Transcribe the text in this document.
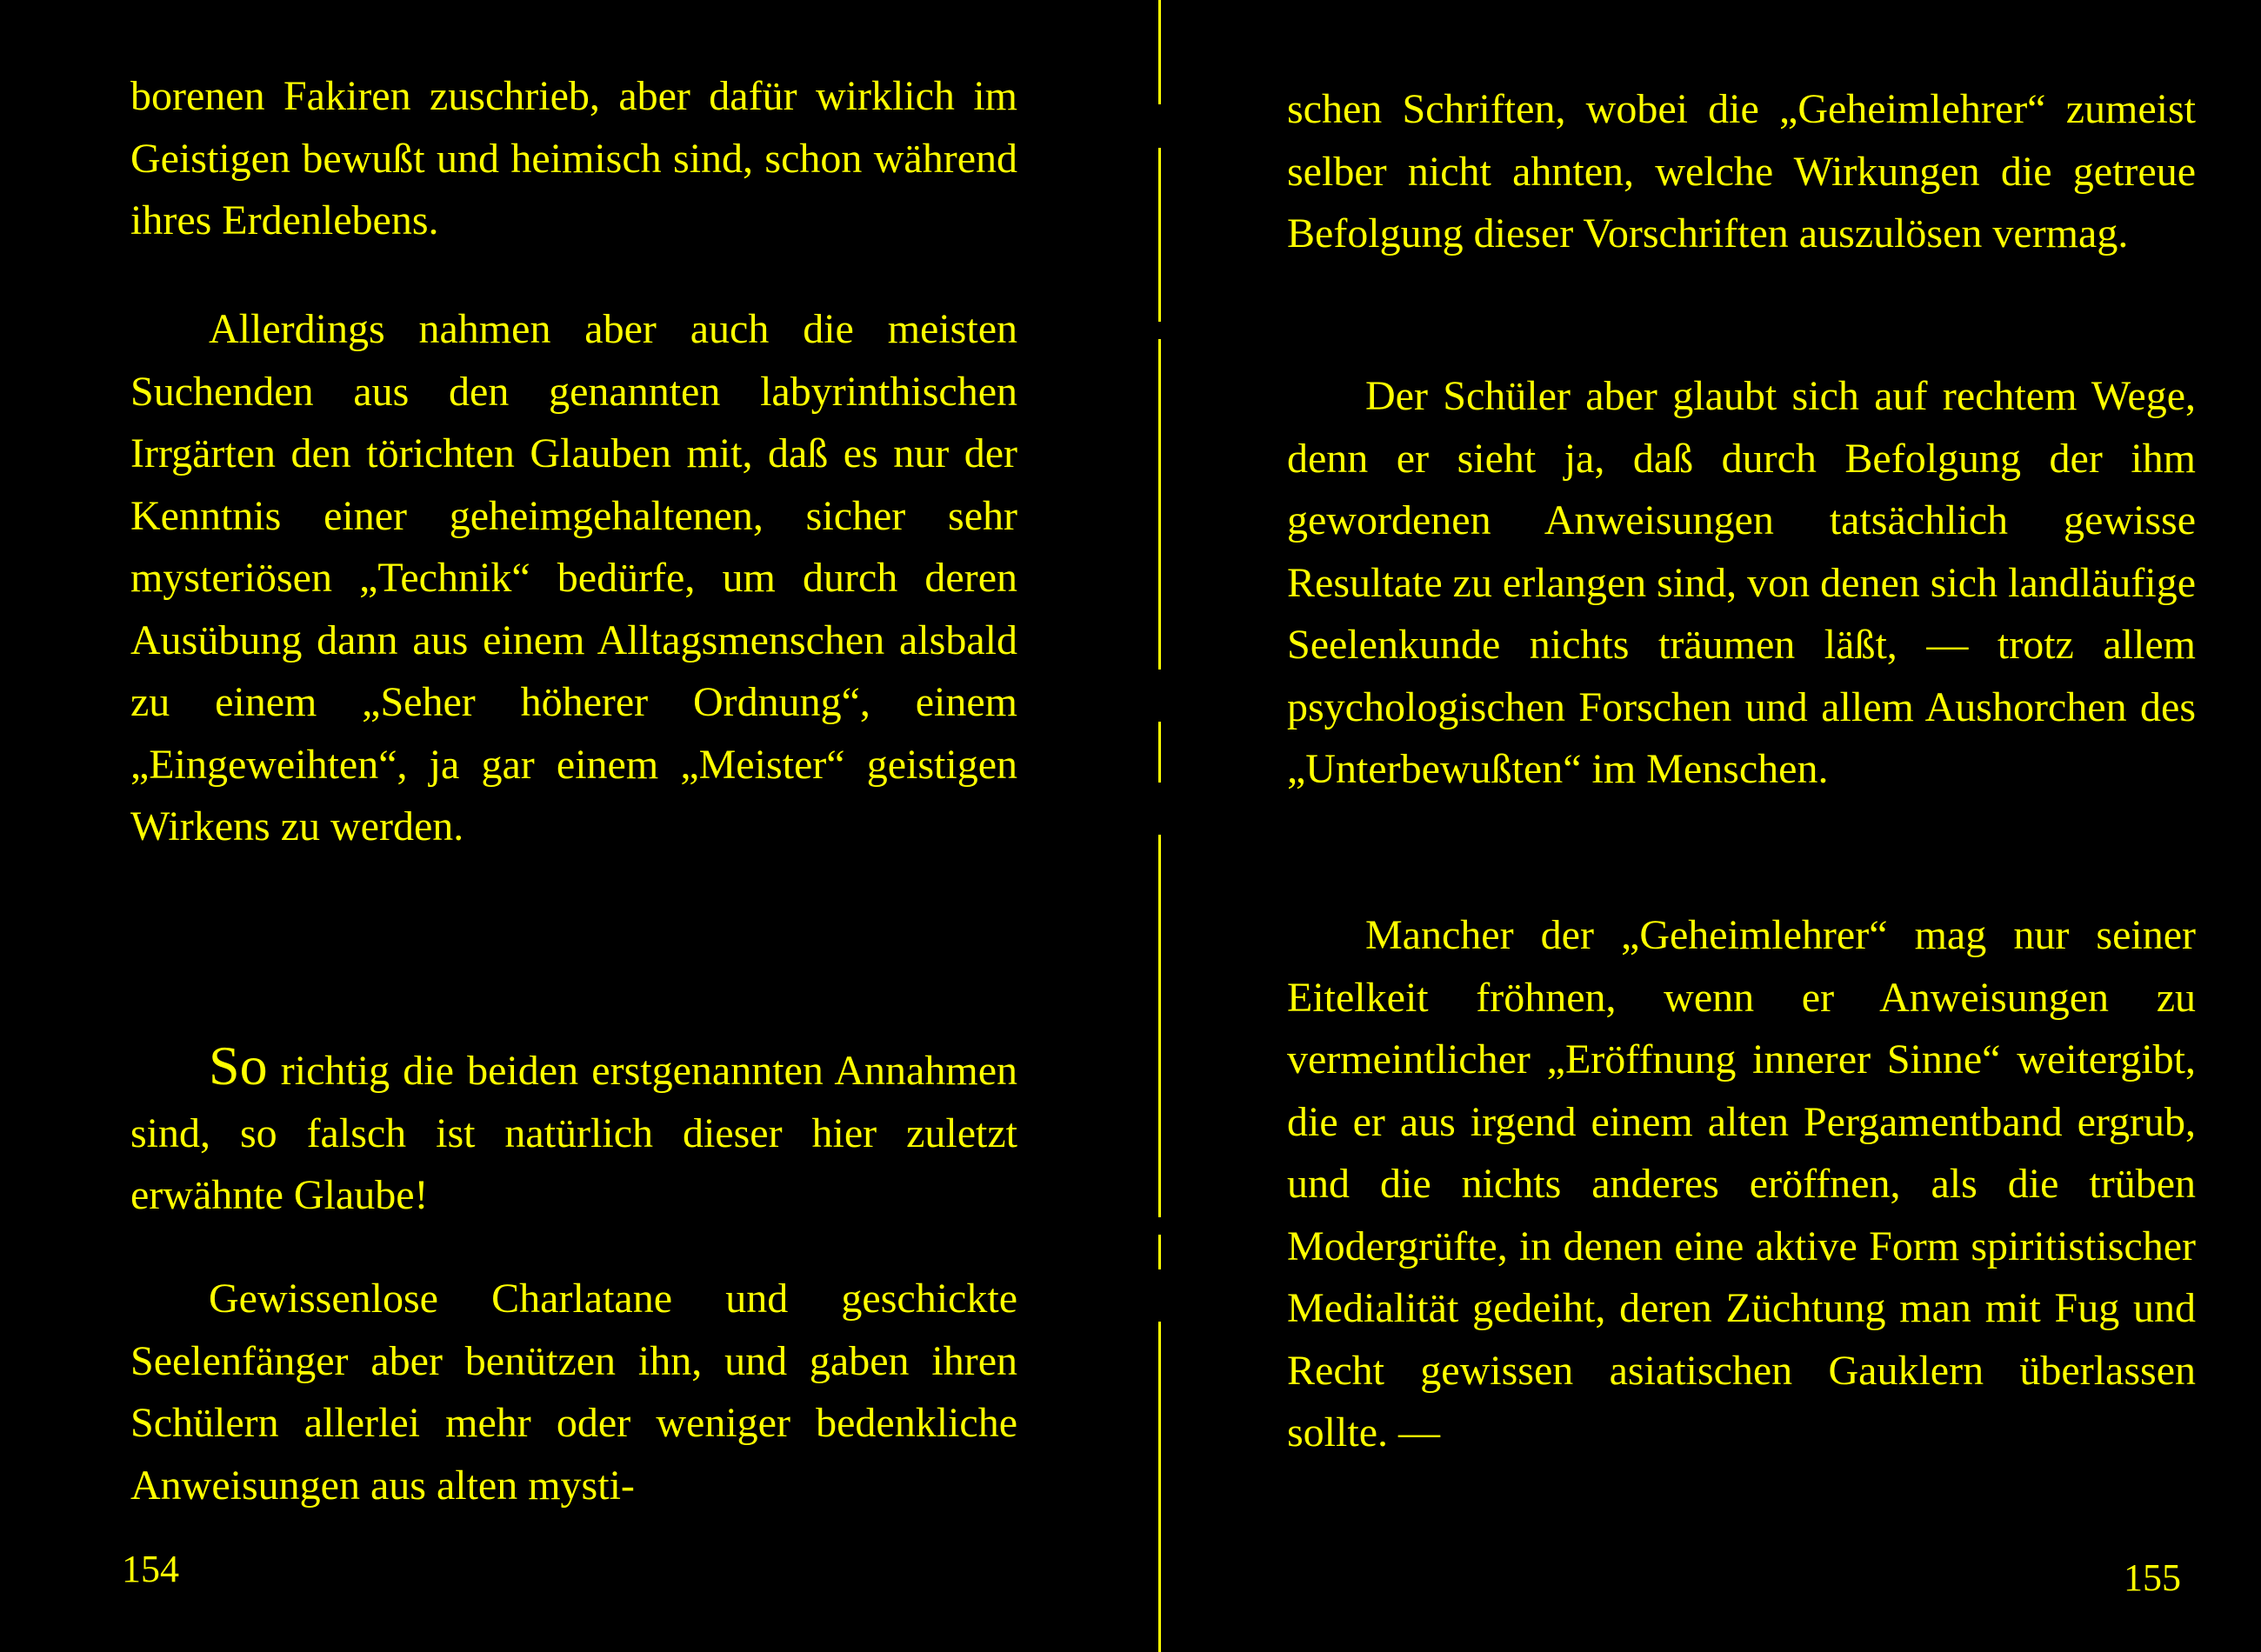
borenen Fakiren zuschrieb, aber dafür wirklich im Geistigen bewußt und heimisch sind, schon während ihres Erdenlebens.

Allerdings nahmen aber auch die meisten Suchenden aus den genannten labyrinthischen Irrgärten den törichten Glauben mit, daß es nur der Kenntnis einer geheimgehaltenen, sicher sehr mysteriösen „Technik“ bedürfe, um durch deren Ausübung dann aus einem Alltagsmenschen alsbald zu einem „Seher höherer Ordnung“, einem „Eingeweihten“, ja gar einem „Meister“ geistigen Wirkens zu werden.

So richtig die beiden erstgenannten Annahmen sind, so falsch ist natürlich dieser hier zuletzt erwähnte Glaube!

Gewissenlose Charlatane und geschickte Seelenfänger aber benützen ihn, und gaben ihren Schülern allerlei mehr oder weniger bedenkliche Anweisungen aus alten mysti-

154

schen Schriften, wobei die „Geheimlehrer“ zumeist selber nicht ahnten, welche Wirkungen die getreue Befolgung dieser Vorschriften auszulösen vermag.

Der Schüler aber glaubt sich auf rechtem Wege, denn er sieht ja, daß durch Befolgung der ihm gewordenen Anweisungen tatsächlich gewisse Resultate zu erlangen sind, von denen sich landläufige Seelenkunde nichts träumen läßt, — trotz allem psychologischen Forschen und allem Aushorchen des „Unterbewußten“ im Menschen.

Mancher der „Geheimlehrer“ mag nur seiner Eitelkeit fröhnen, wenn er Anweisungen zu vermeintlicher „Eröffnung innerer Sinne“ weitergibt, die er aus irgend einem alten Pergamentband ergrub, und die nichts anderes eröffnen, als die trüben Modergrüfte, in denen eine aktive Form spiritistischer Medialität gedeiht, deren Züchtung man mit Fug und Recht gewissen asiatischen Gauklern überlassen sollte. —

155
